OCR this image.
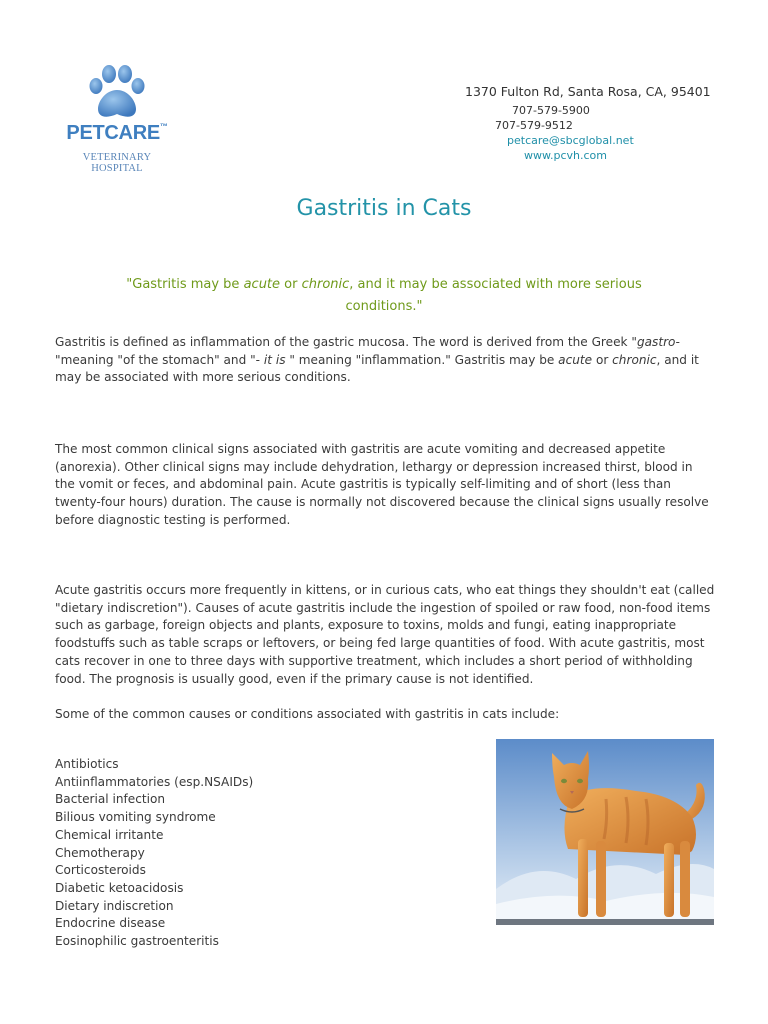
PETCARE™
VETERINARY HOSPITAL
1370 Fulton Rd, Santa Rosa, CA, 95401
707-579-5900
707-579-9512
petcare@sbcglobal.net
www.pcvh.com
Gastritis in Cats

"Gastritis may be acute or chronic, and it may be associated with more serious conditions."

Gastritis is defined as inflammation of the gastric mucosa. The word is derived from the Greek "gastro-"meaning "of the stomach" and "- it is " meaning "inflammation." Gastritis may be acute or chronic, and it may be associated with more serious conditions.

The most common clinical signs associated with gastritis are acute vomiting and decreased appetite (anorexia). Other clinical signs may include dehydration, lethargy or depression increased thirst, blood in the vomit or feces, and abdominal pain. Acute gastritis is typically self-limiting and of short (less than twenty-four hours) duration. The cause is normally not discovered because the clinical signs usually resolve before diagnostic testing is performed.

Acute gastritis occurs more frequently in kittens, or in curious cats, who eat things they shouldn't eat (called "dietary indiscretion"). Causes of acute gastritis include the ingestion of spoiled or raw food, non-food items such as garbage, foreign objects and plants, exposure to toxins, molds and fungi, eating inappropriate foodstuffs such as table scraps or leftovers, or being fed large quantities of food. With acute gastritis, most cats recover in one to three days with supportive treatment, which includes a short period of withholding food. The prognosis is usually good, even if the primary cause is not identified.

Some of the common causes or conditions associated with gastritis in cats include:

Antibiotics
Antiinflammatories (esp.NSAIDs)
Bacterial infection
Bilious vomiting syndrome
Chemical irritante
Chemotherapy
Corticosteroids
Diabetic ketoacidosis
Dietary indiscretion
Endocrine disease
Eosinophilic gastroenteritis
